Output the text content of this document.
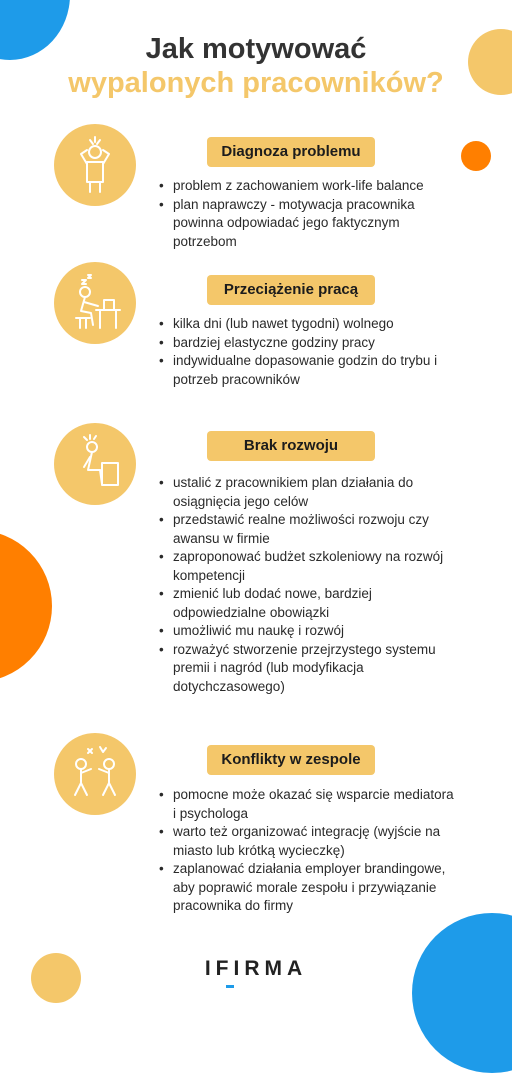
Jak motywować
wypalonych pracowników?
Diagnoza problemu
• problem z zachowaniem work-life balance
• plan naprawczy - motywacja pracownika powinna odpowiadać jego faktycznym potrzebom
Przeciążenie pracą
• kilka dni (lub nawet tygodni) wolnego
• bardziej elastyczne godziny pracy
• indywidualne dopasowanie godzin do trybu i potrzeb pracowników
Brak rozwoju
• ustalić z pracownikiem plan działania do osiągnięcia jego celów
• przedstawić realne możliwości rozwoju czy awansu w firmie
• zaproponować budżet szkoleniowy na rozwój kompetencji
• zmienić lub dodać nowe, bardziej odpowiedzialne obowiązki
• umożliwić mu naukę i rozwój
• rozważyć stworzenie przejrzystego systemu premii i nagród (lub modyfikacja dotychczasowego)
Konflikty w zespole
• pomocne może okazać się wsparcie mediatora i psychologa
• warto też organizować integrację (wyjście na miasto lub krótką wycieczkę)
• zaplanować działania employer brandingowe, aby poprawić morale zespołu i przywiązanie pracownika do firmy
IFIRMA
